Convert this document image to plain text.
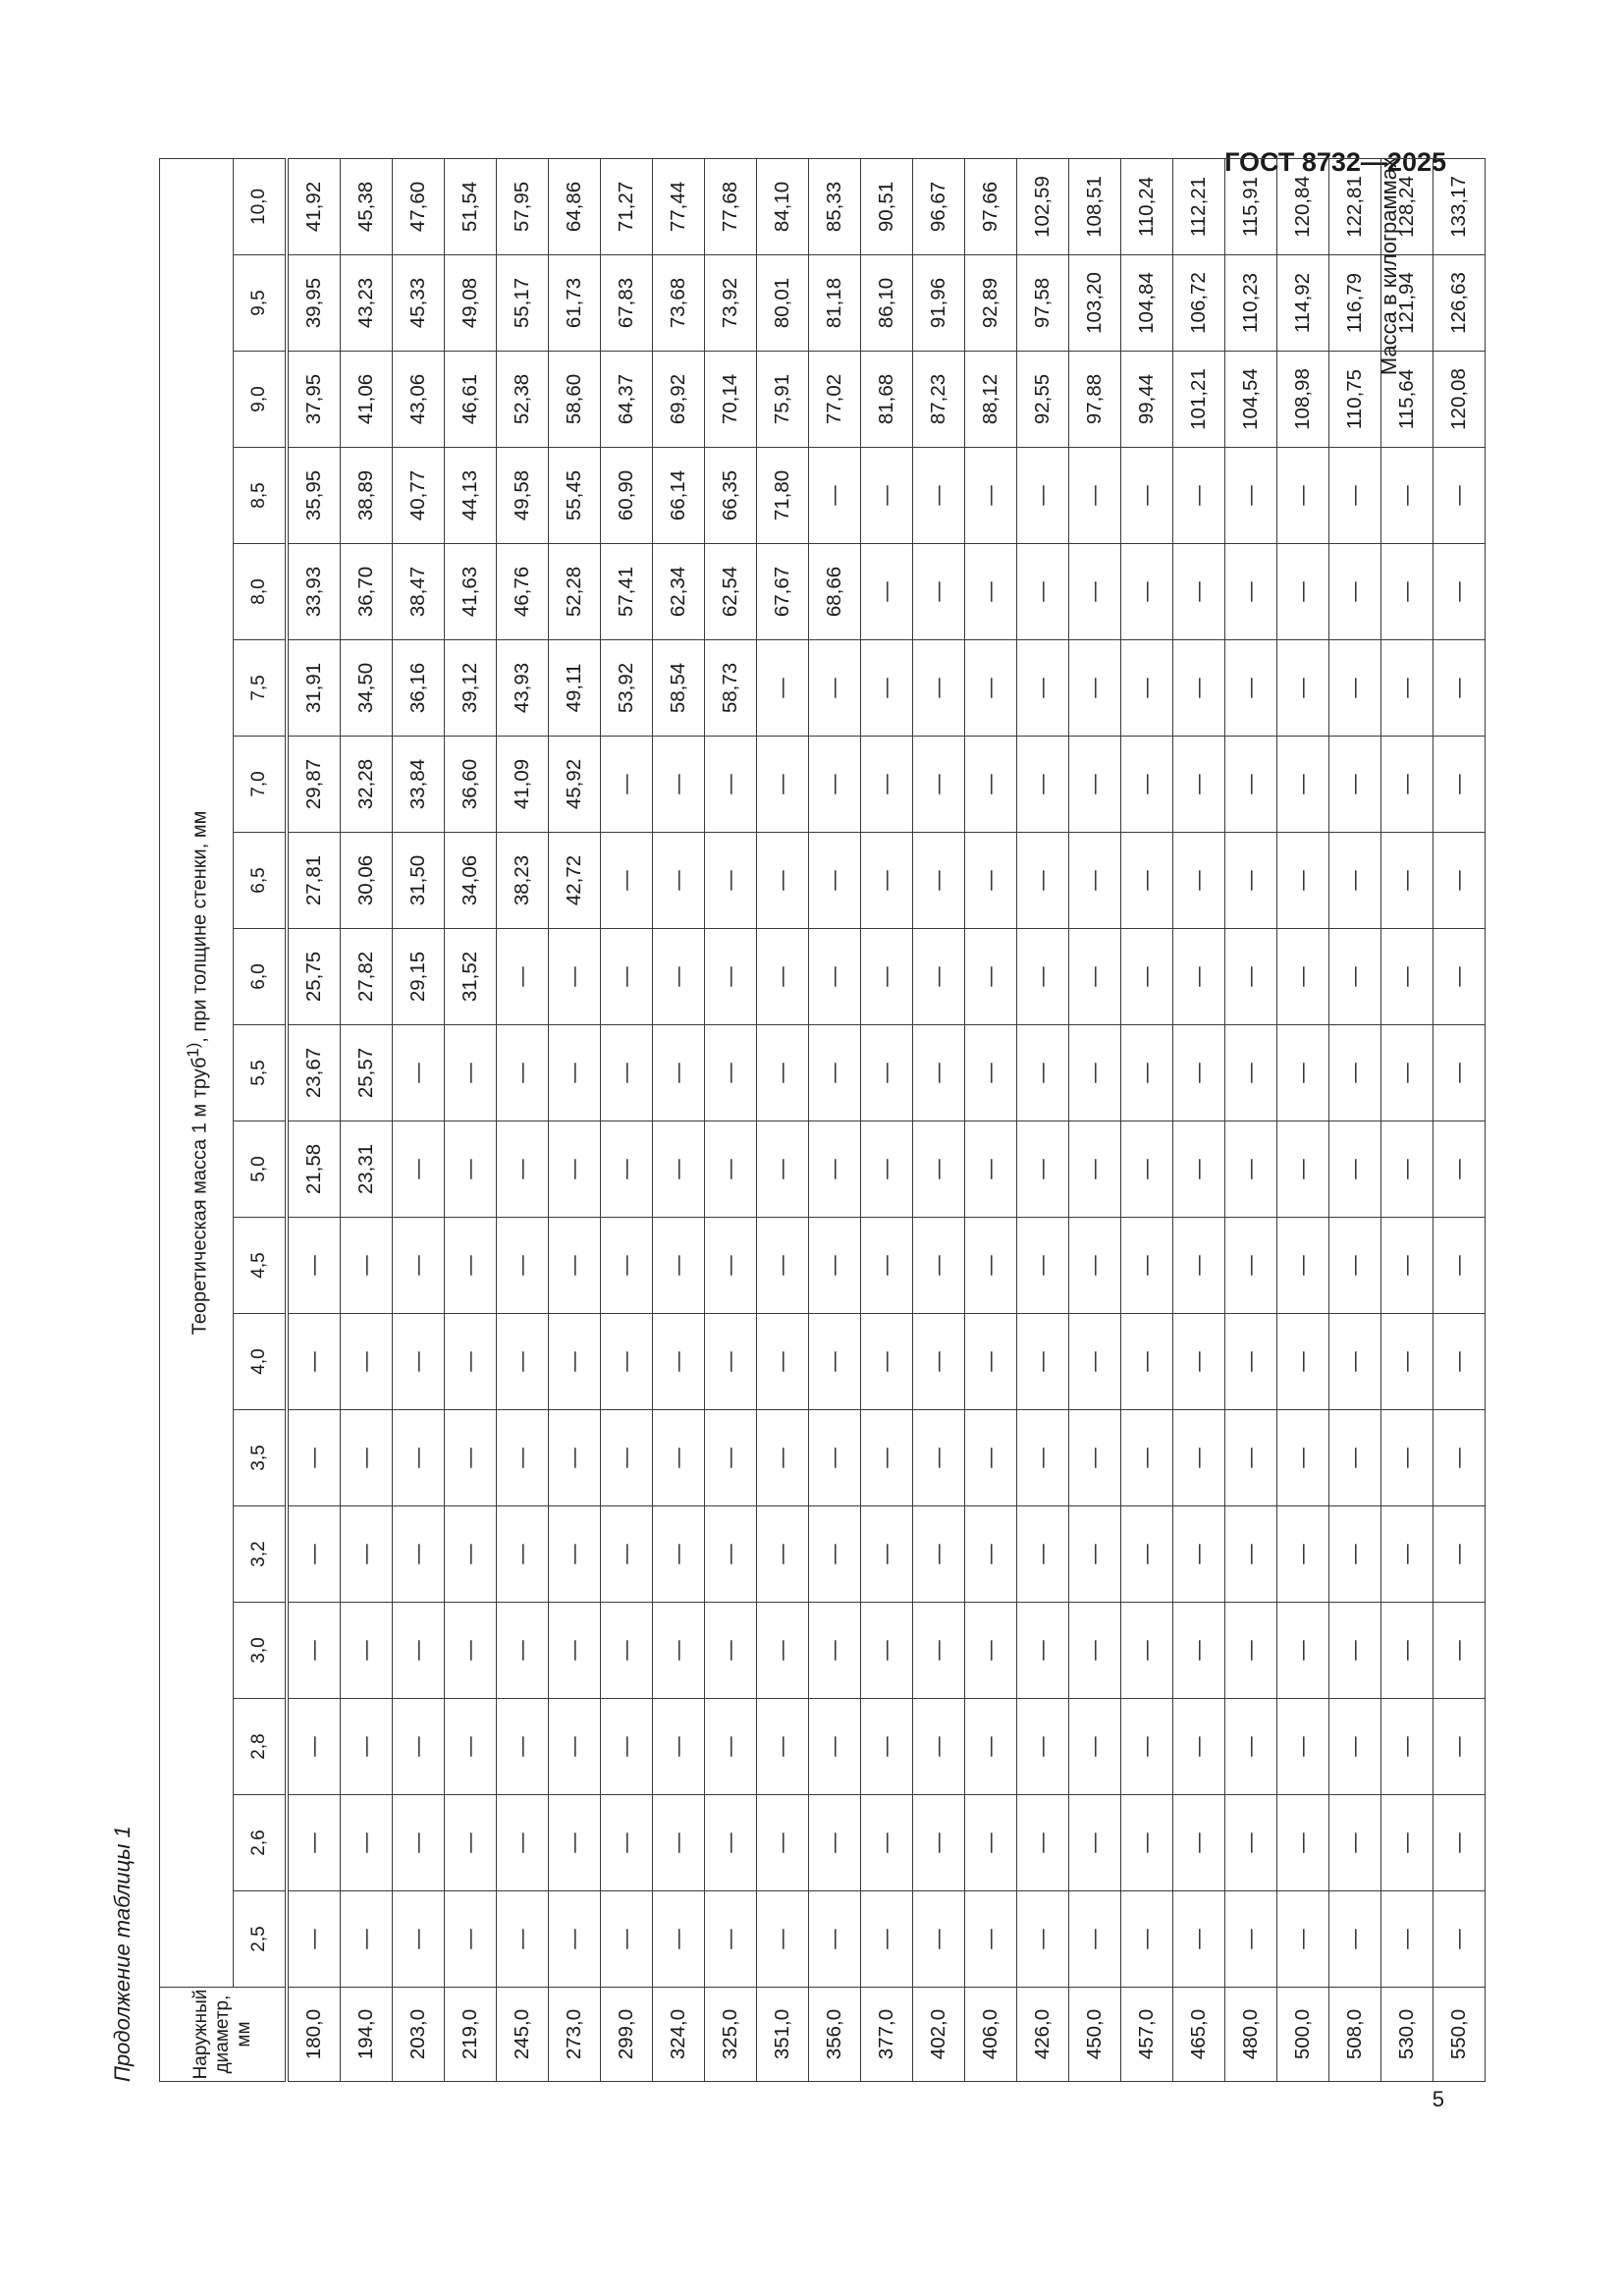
ГОСТ 8732—2025
Продолжение таблицы 1
Масса в килограммах
Наружный диаметр, мм	Теоретическая масса 1 м труб$^{1)}$, при толщине стенки, мм																		
	2,5	2,6	2,8	3,0	3,2	3,5	4,0	4,5	5,0	5,5	6,0	6,5	7,0	7,5	8,0	8,5	9,0	9,5	10,0
180,0	—	—	—	—	—	—	—	—	21,58	23,67	25,75	27,81	29,87	31,91	33,93	35,95	37,95	39,95	41,92
194,0	—	—	—	—	—	—	—	—	23,31	25,57	27,82	30,06	32,28	34,50	36,70	38,89	41,06	43,23	45,38
203,0	—	—	—	—	—	—	—	—	—	—	29,15	31,50	33,84	36,16	38,47	40,77	43,06	45,33	47,60
219,0	—	—	—	—	—	—	—	—	—	—	31,52	34,06	36,60	39,12	41,63	44,13	46,61	49,08	51,54
245,0	—	—	—	—	—	—	—	—	—	—	—	38,23	41,09	43,93	46,76	49,58	52,38	55,17	57,95
273,0	—	—	—	—	—	—	—	—	—	—	—	42,72	45,92	49,11	52,28	55,45	58,60	61,73	64,86
299,0	—	—	—	—	—	—	—	—	—	—	—	—	—	53,92	57,41	60,90	64,37	67,83	71,27
324,0	—	—	—	—	—	—	—	—	—	—	—	—	—	58,54	62,34	66,14	69,92	73,68	77,44
325,0	—	—	—	—	—	—	—	—	—	—	—	—	—	58,73	62,54	66,35	70,14	73,92	77,68
351,0	—	—	—	—	—	—	—	—	—	—	—	—	—	—	67,67	71,80	75,91	80,01	84,10
356,0	—	—	—	—	—	—	—	—	—	—	—	—	—	—	68,66	—	77,02	81,18	85,33
377,0	—	—	—	—	—	—	—	—	—	—	—	—	—	—	—	—	81,68	86,10	90,51
402,0	—	—	—	—	—	—	—	—	—	—	—	—	—	—	—	—	87,23	91,96	96,67
406,0	—	—	—	—	—	—	—	—	—	—	—	—	—	—	—	—	88,12	92,89	97,66
426,0	—	—	—	—	—	—	—	—	—	—	—	—	—	—	—	—	92,55	97,58	102,59
450,0	—	—	—	—	—	—	—	—	—	—	—	—	—	—	—	—	97,88	103,20	108,51
457,0	—	—	—	—	—	—	—	—	—	—	—	—	—	—	—	—	99,44	104,84	110,24
465,0	—	—	—	—	—	—	—	—	—	—	—	—	—	—	—	—	101,21	106,72	112,21
480,0	—	—	—	—	—	—	—	—	—	—	—	—	—	—	—	—	104,54	110,23	115,91
500,0	—	—	—	—	—	—	—	—	—	—	—	—	—	—	—	—	108,98	114,92	120,84
508,0	—	—	—	—	—	—	—	—	—	—	—	—	—	—	—	—	110,75	116,79	122,81
530,0	—	—	—	—	—	—	—	—	—	—	—	—	—	—	—	—	115,64	121,94	128,24
550,0	—	—	—	—	—	—	—	—	—	—	—	—	—	—	—	—	120,08	126,63	133,17
5
